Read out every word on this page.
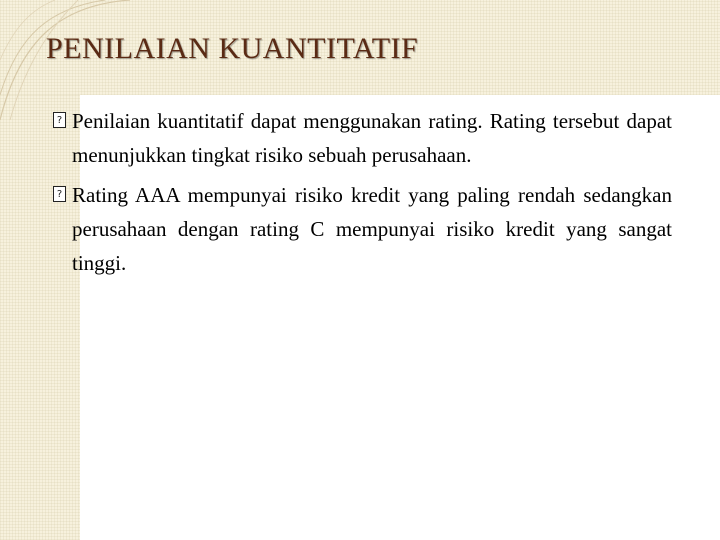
PENILAIAN KUANTITATIF

?
Penilaian kuantitatif dapat menggunakan rating. Rating tersebut dapat menunjukkan tingkat risiko sebuah perusahaan.

?
Rating AAA mempunyai risiko kredit yang paling rendah sedangkan perusahaan dengan rating C mempunyai risiko kredit yang sangat tinggi.
